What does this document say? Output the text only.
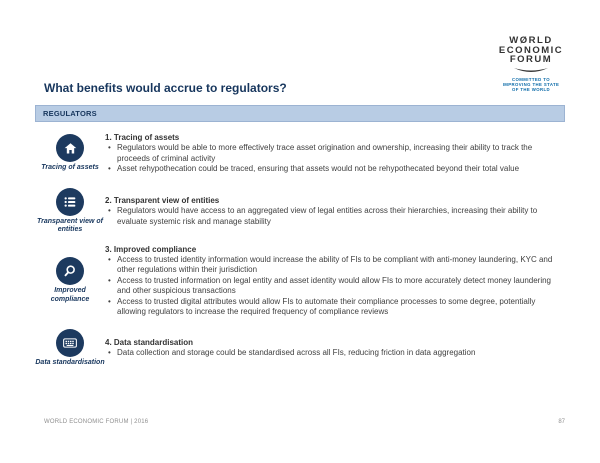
WØRLD
ECONOMIC
FORUM
COMMITTED TO
IMPROVING THE STATE
OF THE WORLD
What benefits would accrue to regulators?
REGULATORS
Tracing of assets
1. Tracing of assets
• Regulators would be able to more effectively trace asset origination and ownership, increasing their ability to track the proceeds of criminal activity
• Asset rehypothecation could be traced, ensuring that assets would not be rehypothecated beyond their total value
Transparent view of entities
2. Transparent view of entities
• Regulators would have access to an aggregated view of legal entities across their hierarchies, increasing their ability to evaluate systemic risk and manage stability
Improved compliance
3. Improved compliance
• Access to trusted identity information would increase the ability of FIs to be compliant with anti-money laundering, KYC and other regulations within their jurisdiction
• Access to trusted information on legal entity and asset identity would allow FIs to more accurately detect money laundering and other suspicious transactions
• Access to trusted digital attributes would allow FIs to automate their compliance processes to some degree, potentially allowing regulators to increase the required frequency of compliance reviews
Data standardisation
4. Data standardisation
• Data collection and storage could be standardised across all FIs, reducing friction in data aggregation
WORLD ECONOMIC FORUM | 2016	87
